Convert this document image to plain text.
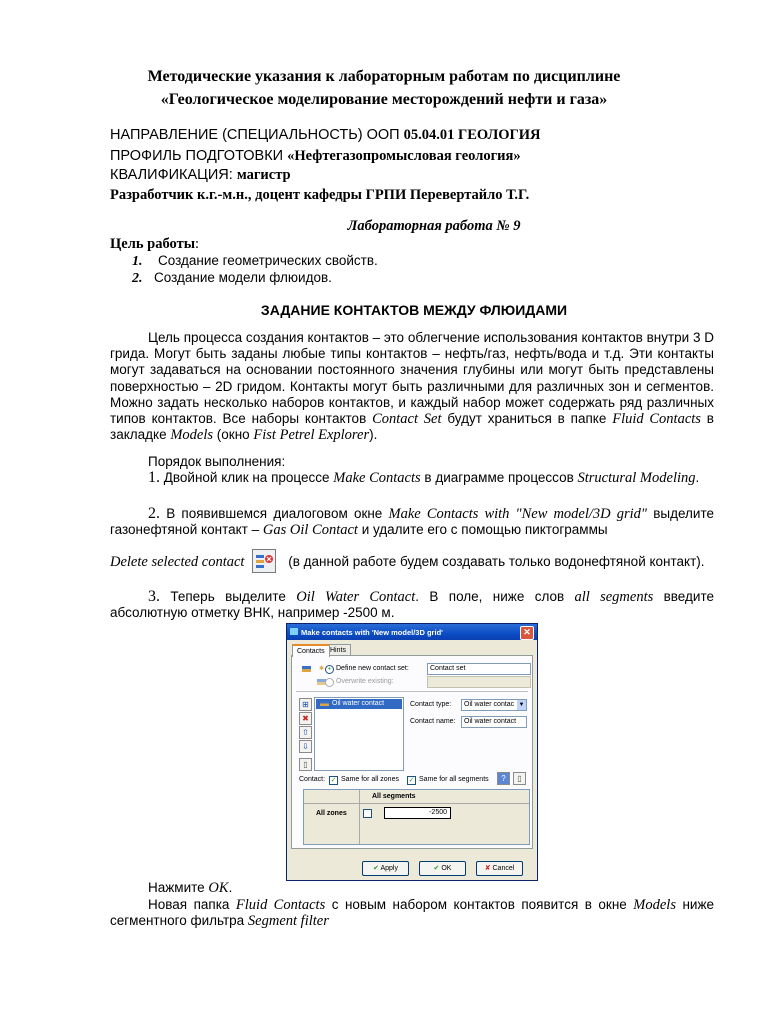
Методические указания к лабораторным работам по дисциплине
«Геологическое моделирование месторождений нефти и газа»
НАПРАВЛЕНИЕ (СПЕЦИАЛЬНОСТЬ) ООП 05.04.01 ГЕОЛОГИЯ
ПРОФИЛЬ ПОДГОТОВКИ «Нефтегазопромысловая геология»
КВАЛИФИКАЦИЯ: магистр
Разработчик к.г.-м.н., доцент кафедры ГРПИ Перевертайло Т.Г.
Лабораторная работа № 9
Цель работы:
1. Создание геометрических свойств.
2. Создание модели флюидов.
ЗАДАНИЕ КОНТАКТОВ МЕЖДУ ФЛЮИДАМИ
Цель процесса создания контактов – это облегчение использования контактов внутри 3 D грида. Могут быть заданы любые типы контактов – нефть/газ, нефть/вода и т.д. Эти контакты могут задаваться на основании постоянного значения глубины или могут быть представлены поверхностью – 2D гридом. Контакты могут быть различными для различных зон и сегментов. Можно задать несколько наборов контактов, и каждый набор может содержать ряд различных типов контактов. Все наборы контактов Contact Set будут храниться в папке Fluid Contacts в закладке Models (окно Fist Petrel Explorer).
Порядок выполнения:
1. Двойной клик на процессе Make Contacts в диаграмме процессов Structural Modeling.
2. В появившемся диалоговом окне Make Contacts with "New model/3D grid" выделите газонефтяной контакт – Gas Oil Contact и удалите его с помощью пиктограммы
Delete selected contact	(в данной работе будем создавать только водонефтяной контакт).
3. Теперь выделите Oil Water Contact. В поле, ниже слов all segments введите абсолютную отметку ВНК, например -2500 м.
Make contacts with 'New model/3D grid'	✕
Contacts Hints
✱ • Define new contact set:	Contact set
Overwrite existing:
⊞
✖
⇧
⇩
▯
Oil water contact	Contact type:	Oil water contac ▼
Contact name:	Oil water contact
Contact: ✓ Same for all zones ✓ Same for all segments	?	▯
All segments
All zones	-2500
✔ Apply	✔ OK	✘ Cancel
Нажмите OK.
Новая папка Fluid Contacts с новым набором контактов появится в окне Models ниже сегментного фильтра Segment filter
